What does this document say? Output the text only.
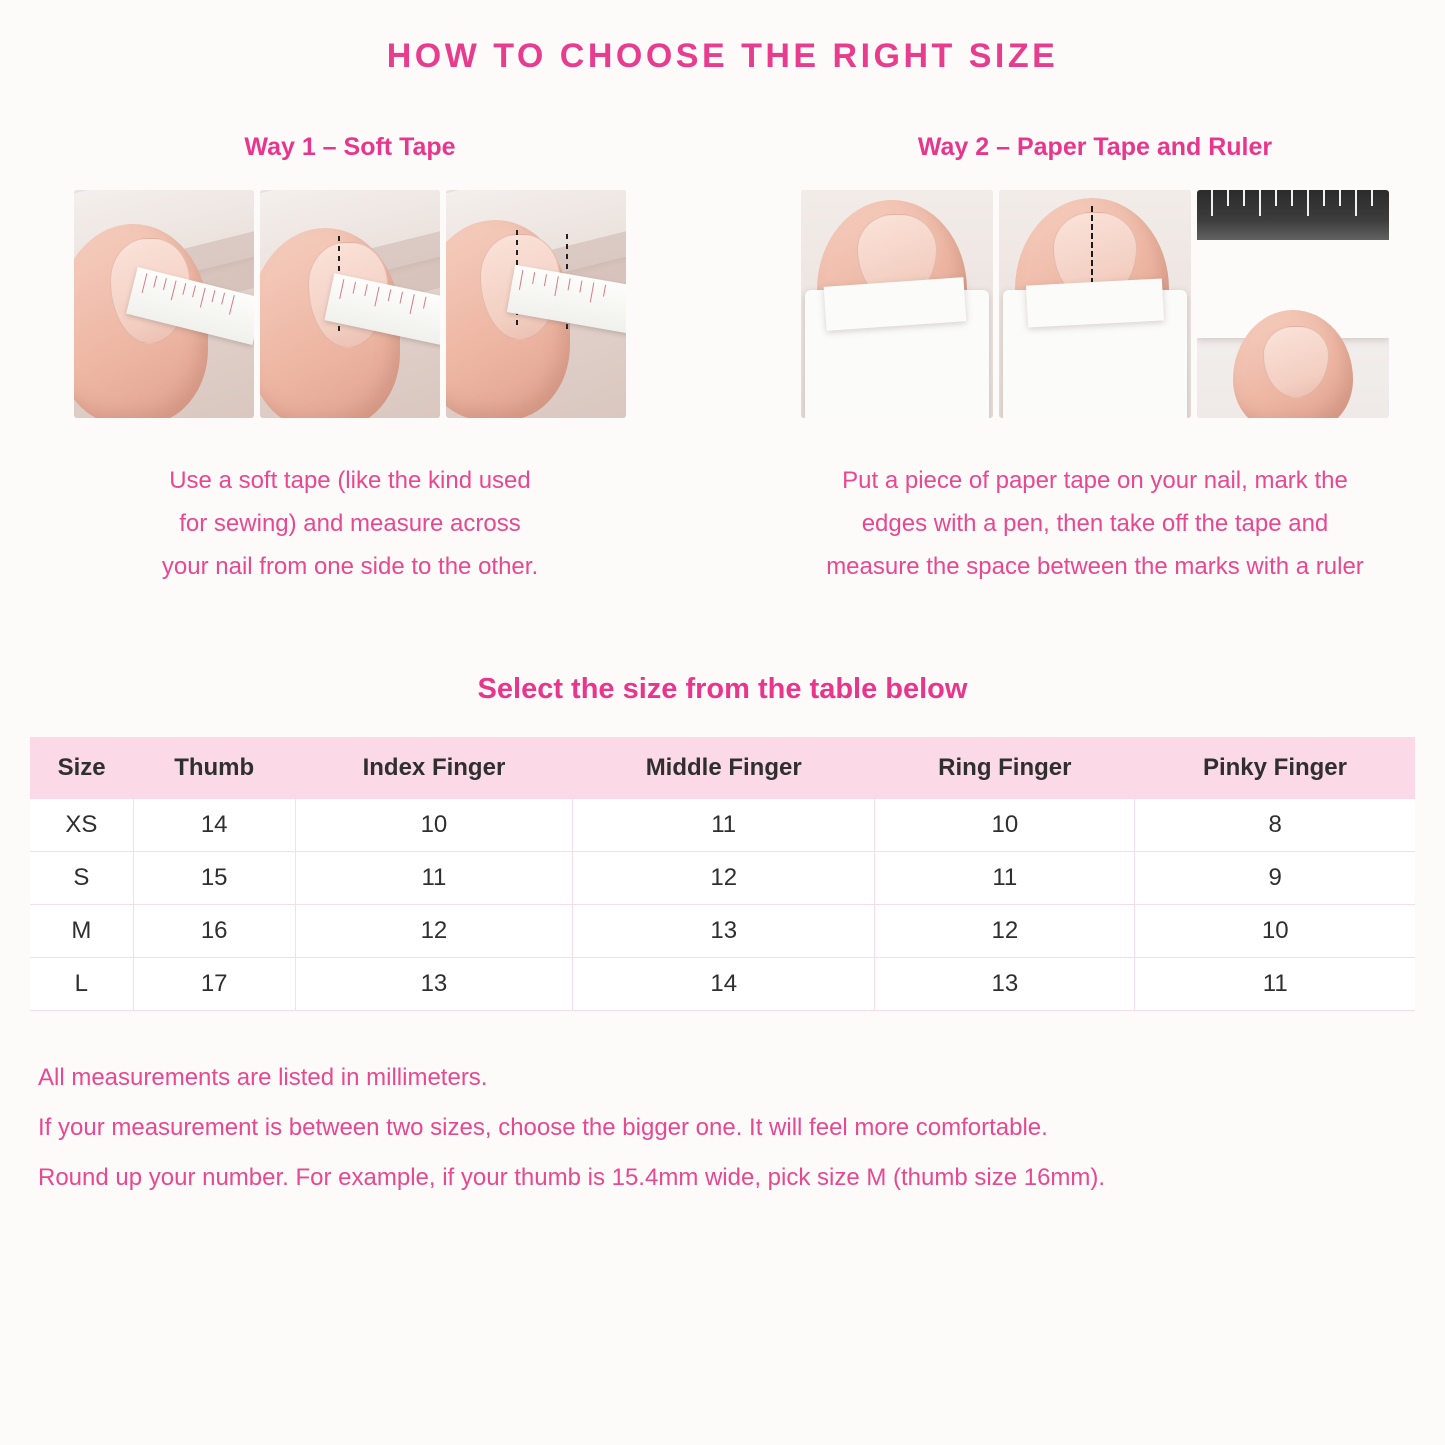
HOW TO CHOOSE THE RIGHT SIZE
Way 1 – Soft Tape
Use a soft tape (like the kind used
for sewing) and measure across
your nail from one side to the other.
Way 2 – Paper Tape and Ruler
Put a piece of paper tape on your nail, mark the
edges with a pen, then take off the tape and
measure the space between the marks with a ruler
Select the size from the table below
Size	Thumb	Index Finger	Middle Finger	Ring Finger	Pinky Finger
XS	14	10	11	10	8
S	15	11	12	11	9
M	16	12	13	12	10
L	17	13	14	13	11
All measurements are listed in millimeters.
If your measurement is between two sizes, choose the bigger one. It will feel more comfortable.
Round up your number. For example, if your thumb is 15.4mm wide, pick size M (thumb size 16mm).
